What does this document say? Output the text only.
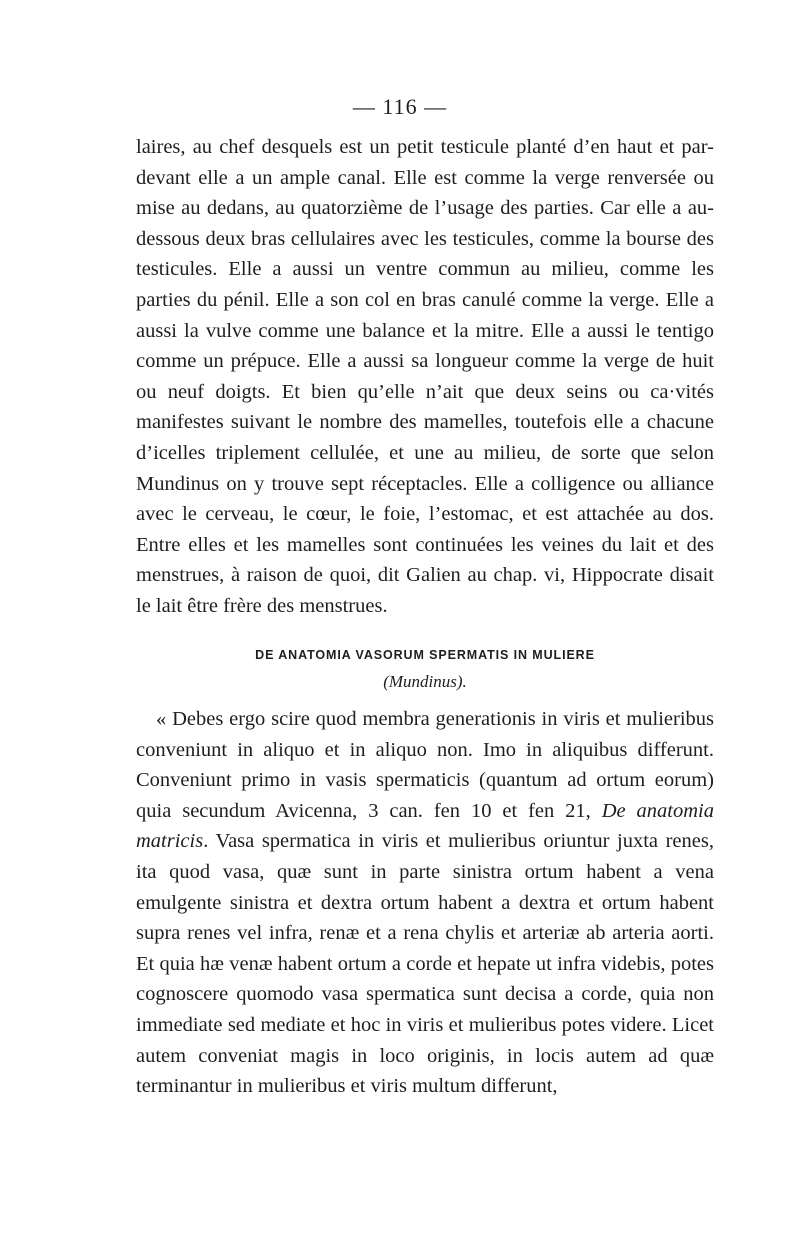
— 116 —

laires, au chef desquels est un petit testicule planté d’en haut et par-devant elle a un ample canal. Elle est comme la verge renversée ou mise au dedans, au quatorzième de l’usage des parties. Car elle a au-dessous deux bras cellulaires avec les testicules, comme la bourse des testicules. Elle a aussi un ventre commun au milieu, comme les parties du pénil. Elle a son col en bras canulé comme la verge. Elle a aussi la vulve comme une balance et la mitre. Elle a aussi le tentigo comme un prépuce. Elle a aussi sa longueur comme la verge de huit ou neuf doigts. Et bien qu’elle n’ait que deux seins ou ca·vités manifestes suivant le nombre des mamelles, toutefois elle a chacune d’icelles triplement cellulée, et une au milieu, de sorte que selon Mundinus on y trouve sept réceptacles. Elle a colligence ou alliance avec le cerveau, le cœur, le foie, l’estomac, et est attachée au dos. Entre elles et les mamelles sont continuées les veines du lait et des menstrues, à raison de quoi, dit Galien au chap. vi, Hippocrate disait le lait être frère des menstrues.

DE ANATOMIA VASORUM SPERMATIS IN MULIERE
(Mundinus).

« Debes ergo scire quod membra generationis in viris et mulieribus conveniunt in aliquo et in aliquo non. Imo in aliquibus differunt. Conveniunt primo in vasis spermaticis (quantum ad ortum eorum) quia secundum Avicenna, 3 can. fen 10 et fen 21, De anatomia matricis. Vasa spermatica in viris et mulieribus oriuntur juxta renes, ita quod vasa, quæ sunt in parte sinistra ortum habent a vena emulgente sinistra et dextra ortum habent a dextra et ortum habent supra renes vel infra, renæ et a rena chylis et arteriæ ab arteria aorti. Et quia hæ venæ habent ortum a corde et hepate ut infra videbis, potes cognoscere quomodo vasa spermatica sunt decisa a corde, quia non immediate sed mediate et hoc in viris et mulieribus potes videre. Licet autem conveniat magis in loco originis, in locis autem ad quæ terminantur in mulieribus et viris multum differunt,
